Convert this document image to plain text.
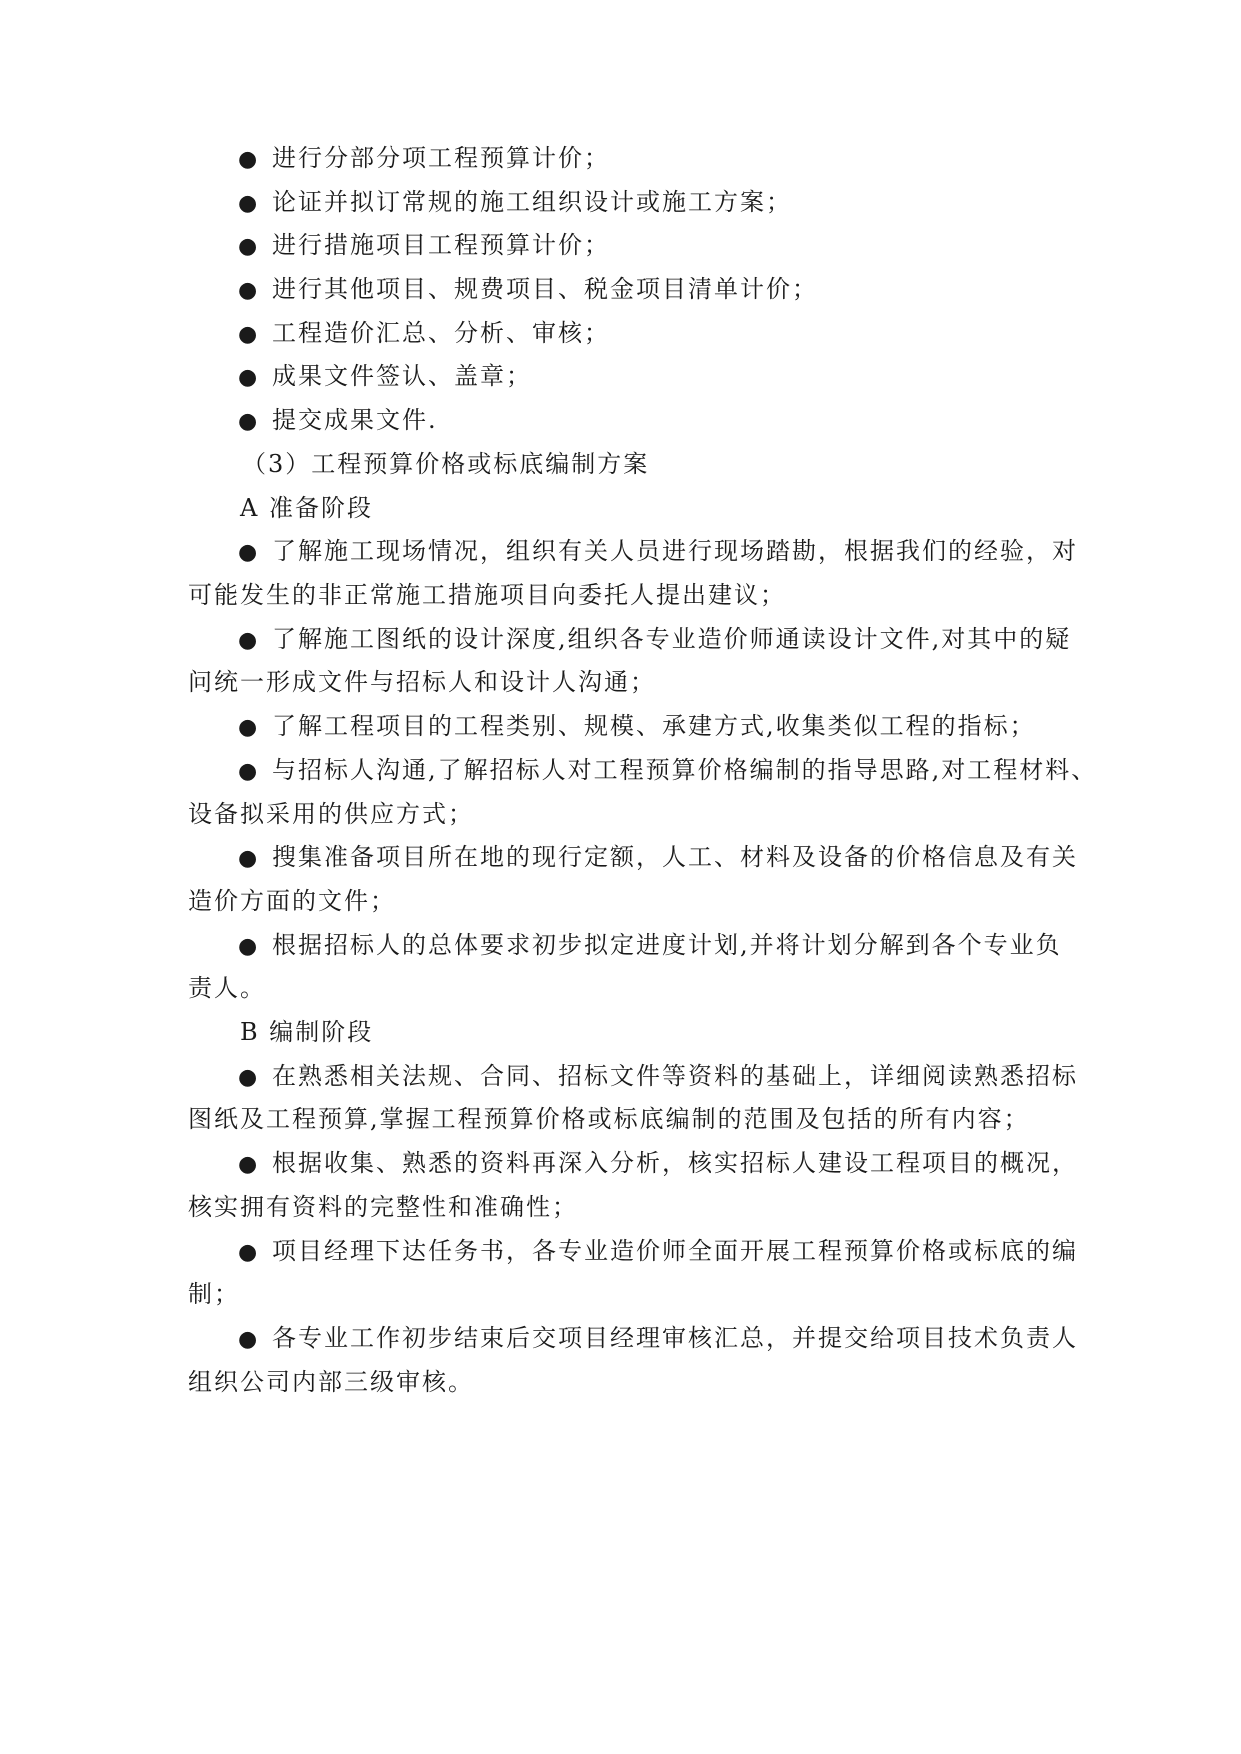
● 进行分部分项工程预算计价；
● 论证并拟订常规的施工组织设计或施工方案；
● 进行措施项目工程预算计价；
● 进行其他项目、规费项目、税金项目清单计价；
● 工程造价汇总、分析、审核；
● 成果文件签认、盖章；
● 提交成果文件.
（3）工程预算价格或标底编制方案
A 准备阶段
● 了解施工现场情况，组织有关人员进行现场踏勘，根据我们的经验，对
可能发生的非正常施工措施项目向委托人提出建议；
● 了解施工图纸的设计深度,组织各专业造价师通读设计文件,对其中的疑
问统一形成文件与招标人和设计人沟通；
● 了解工程项目的工程类别、规模、承建方式,收集类似工程的指标；
● 与招标人沟通,了解招标人对工程预算价格编制的指导思路,对工程材料、
设备拟采用的供应方式；
● 搜集准备项目所在地的现行定额，人工、材料及设备的价格信息及有关
造价方面的文件；
● 根据招标人的总体要求初步拟定进度计划,并将计划分解到各个专业负
责人。
B 编制阶段
● 在熟悉相关法规、合同、招标文件等资料的基础上，详细阅读熟悉招标
图纸及工程预算,掌握工程预算价格或标底编制的范围及包括的所有内容；
● 根据收集、熟悉的资料再深入分析，核实招标人建设工程项目的概况，
核实拥有资料的完整性和准确性；
● 项目经理下达任务书，各专业造价师全面开展工程预算价格或标底的编
制；
● 各专业工作初步结束后交项目经理审核汇总，并提交给项目技术负责人
组织公司内部三级审核。
